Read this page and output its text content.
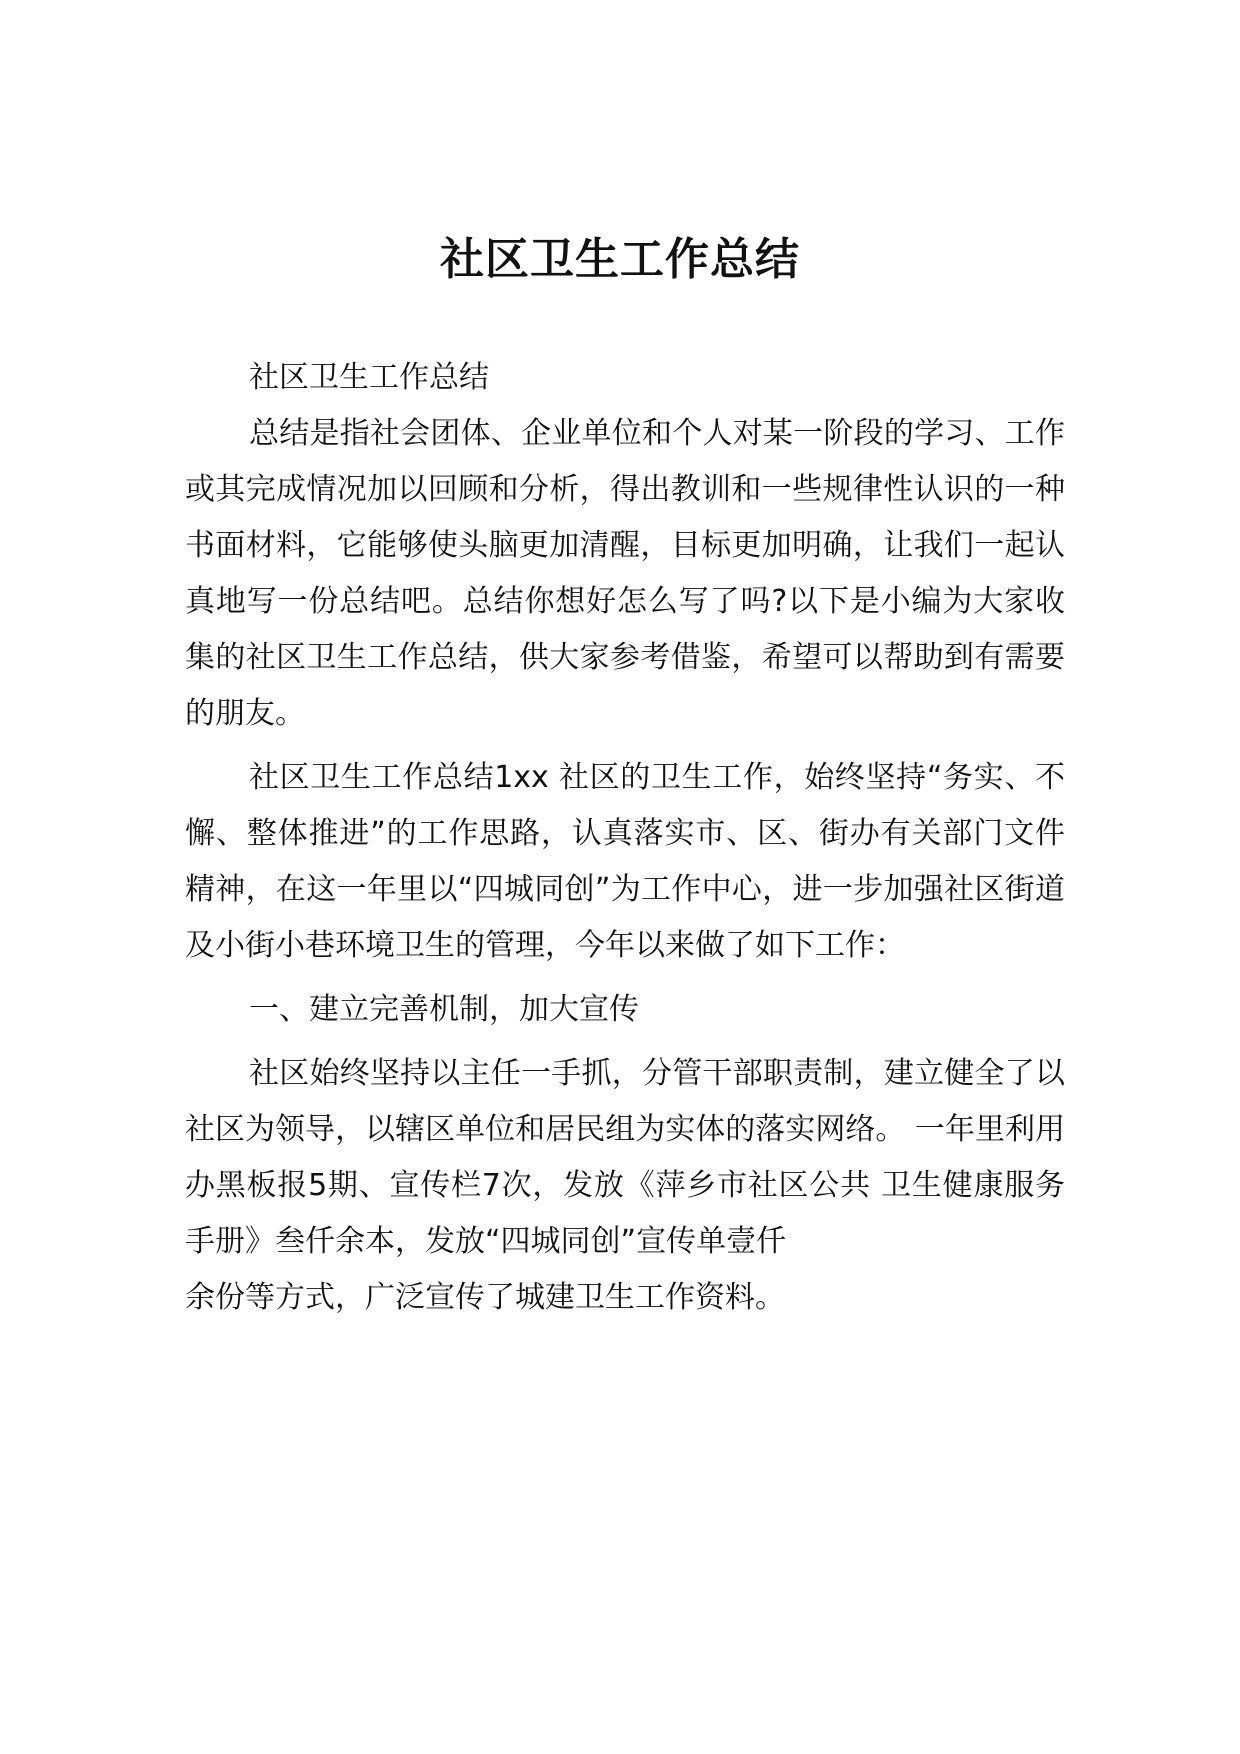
社区卫生工作总结

社区卫生工作总结

总结是指社会团体、企业单位和个人对某一阶段的学习、工作或其完成情况加以回顾和分析，得出教训和一些规律性认识的一种书面材料，它能够使头脑更加清醒，目标更加明确，让我们一起认真地写一份总结吧。总结你想好怎么写了吗?以下是小编为大家收集的社区卫生工作总结，供大家参考借鉴，希望可以帮助到有需要的朋友。

社区卫生工作总结1xx 社区的卫生工作，始终坚持“务实、不懈、整体推进”的工作思路，认真落实市、区、街办有关部门文件精神，在这一年里以“四城同创”为工作中心，进一步加强社区街道及小街小巷环境卫生的管理，今年以来做了如下工作：

一、建立完善机制，加大宣传

社区始终坚持以主任一手抓，分管干部职责制，建立健全了以社区为领导，以辖区单位和居民组为实体的落实网络。 一年里利用办黑板报5期、宣传栏7次，发放《萍乡市社区公共 卫生健康服务手册》叁仟余本，发放“四城同创”宣传单壹仟

余份等方式，广泛宣传了城建卫生工作资料。
